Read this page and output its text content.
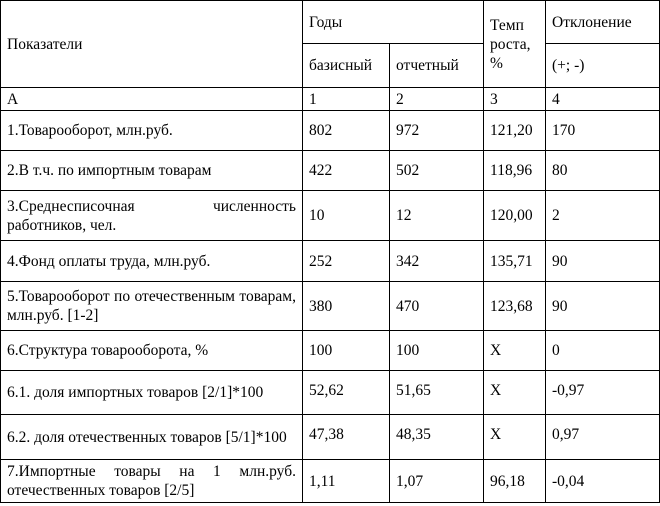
Показатели	Годы		Темп роста, %	Отклонение
	базисный	отчетный		(+; -)
А	1	2	3	4
1.Товарооборот, млн.руб.	802	972	121,20	170
2.В т.ч. по импортным товарам	422	502	118,96	80
3.Среднесписочная численность работников, чел.	10	12	120,00	2
4.Фонд оплаты труда, млн.руб.	252	342	135,71	90
5.Товарооборот по отечественным товарам, млн.руб. [1-2]	380	470	123,68	90
6.Структура товарооборота, %	100	100	Х	0
6.1. доля импортных товаров [2/1]*100	52,62	51,65	Х	-0,97
6.2. доля отечественных товаров [5/1]*100	47,38	48,35	Х	0,97
7.Импортные товары на 1 млн.руб. отечественных товаров [2/5]	1,11	1,07	96,18	-0,04
